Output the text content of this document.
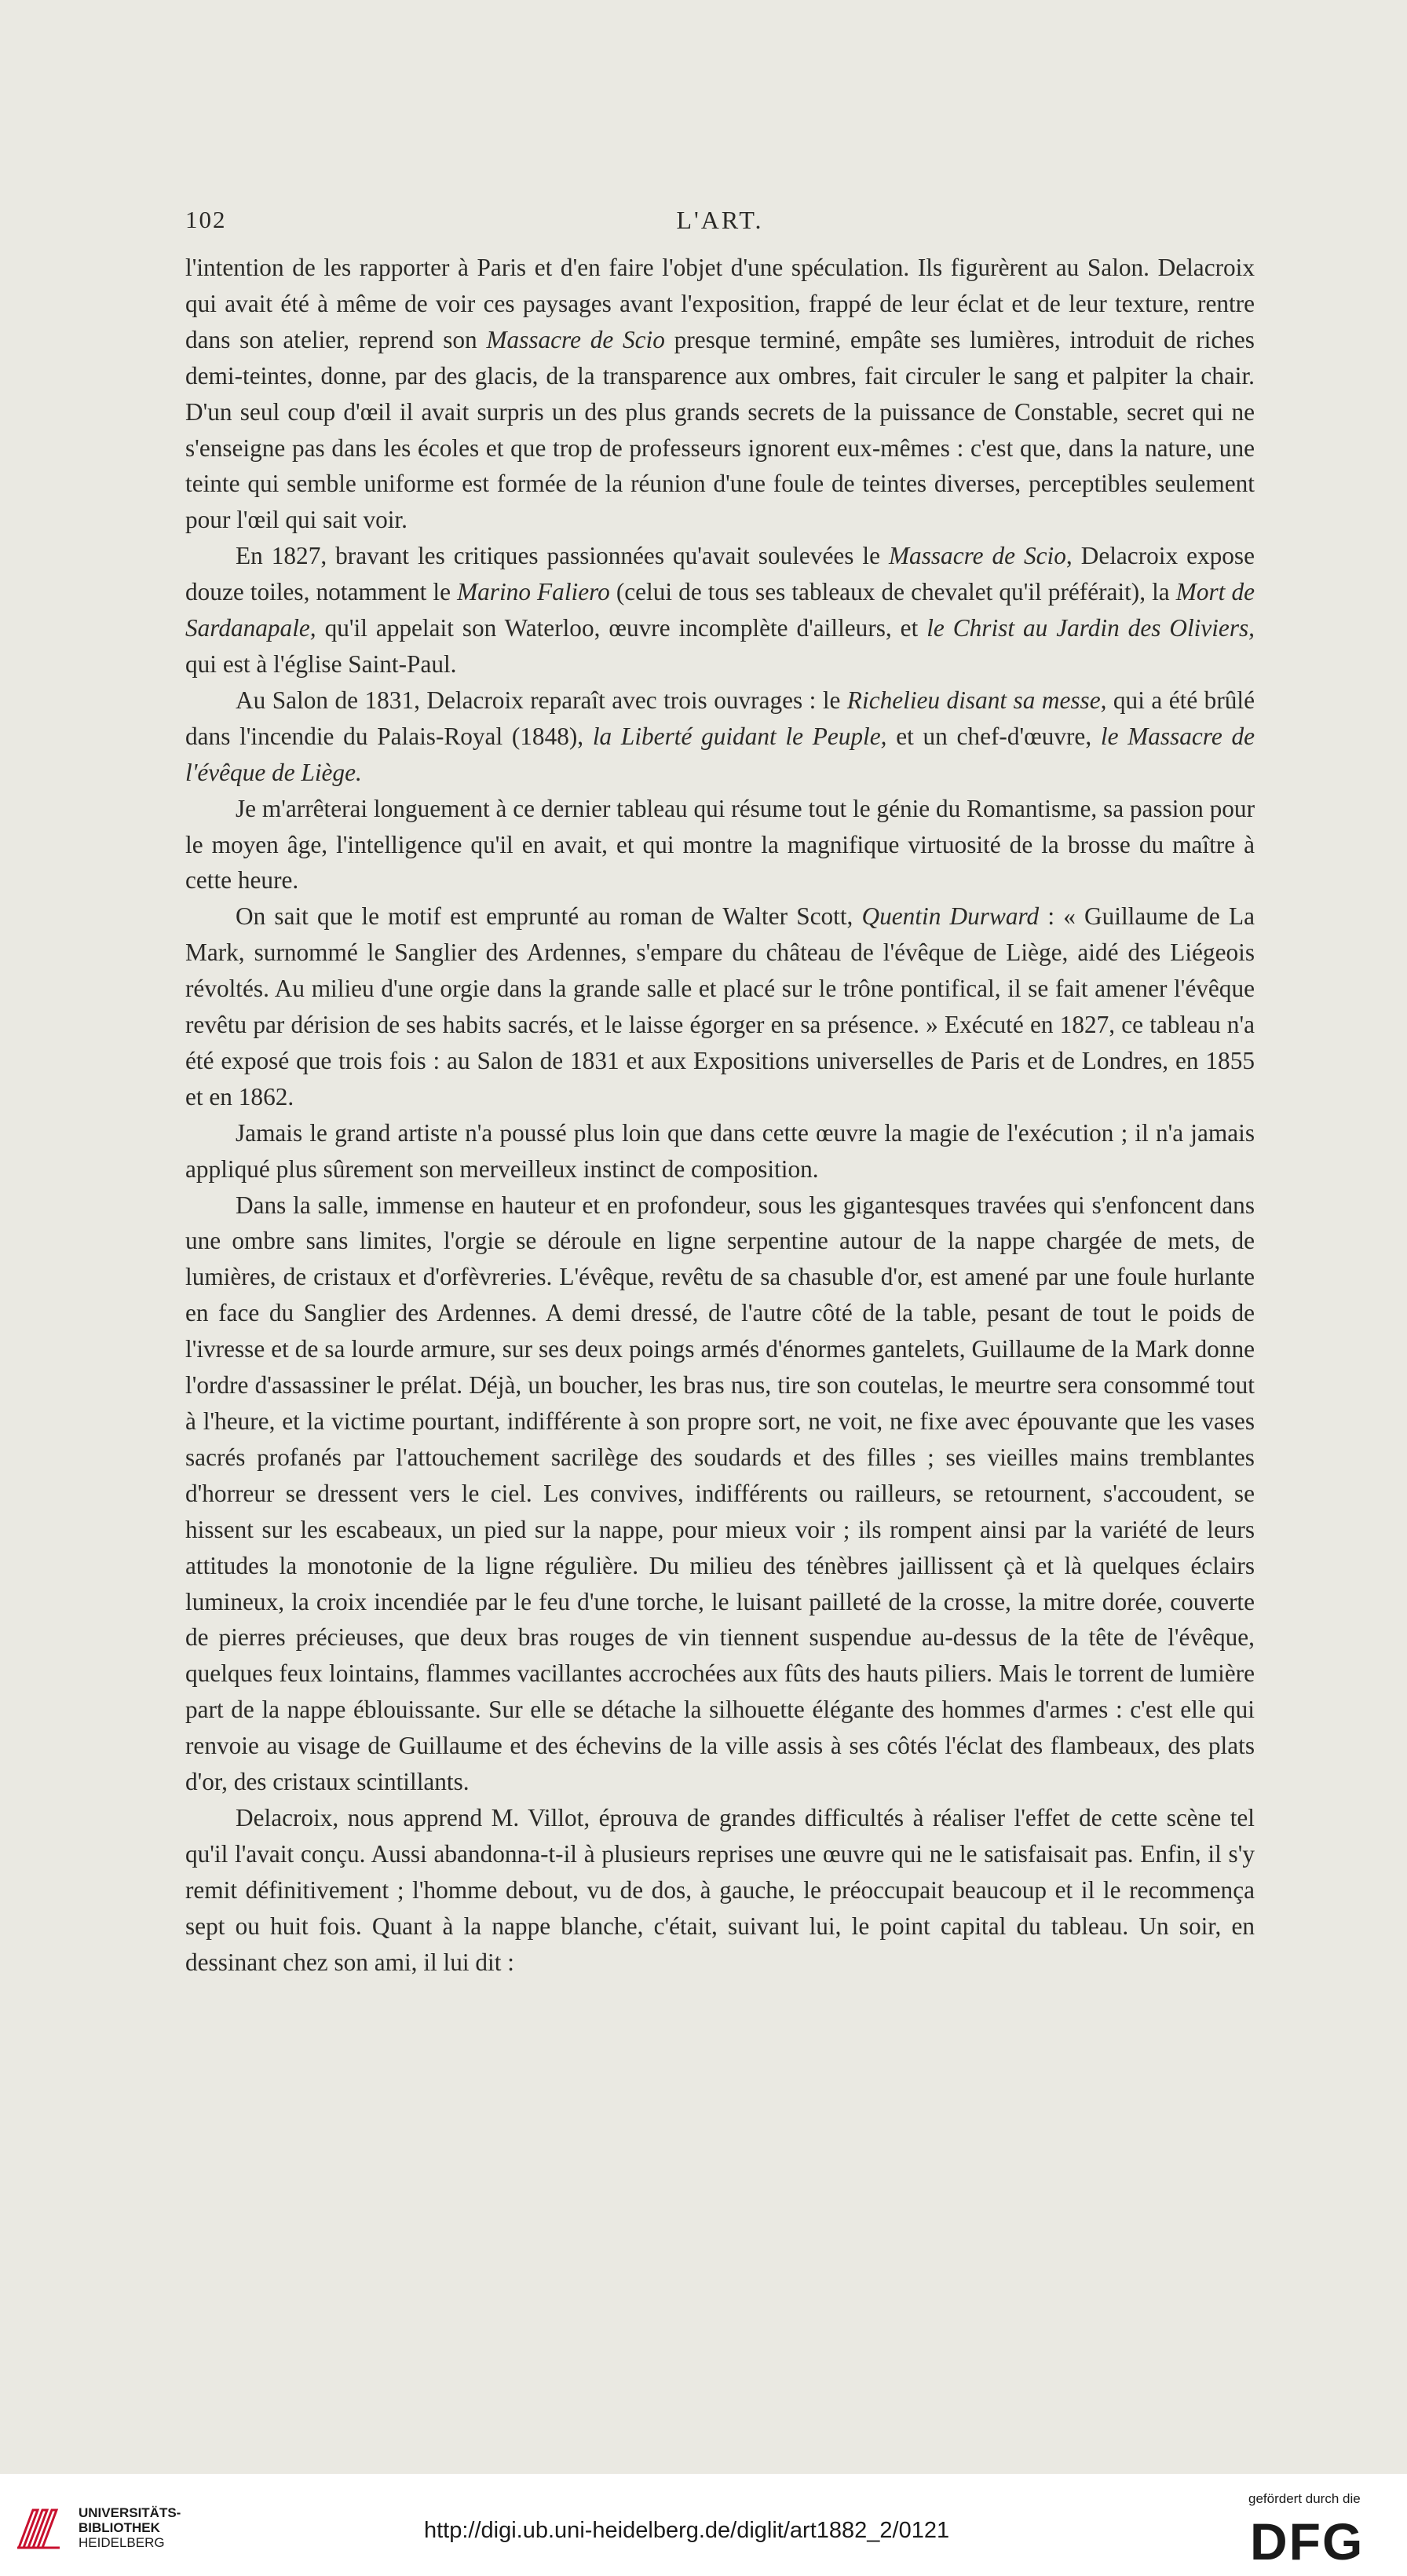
102	L'ART.

l'intention de les rapporter à Paris et d'en faire l'objet d'une spéculation. Ils figurèrent au Salon. Delacroix qui avait été à même de voir ces paysages avant l'exposition, frappé de leur éclat et de leur texture, rentre dans son atelier, reprend son Massacre de Scio presque terminé, empâte ses lumières, introduit de riches demi-teintes, donne, par des glacis, de la transparence aux ombres, fait circuler le sang et palpiter la chair. D'un seul coup d'œil il avait surpris un des plus grands secrets de la puissance de Constable, secret qui ne s'enseigne pas dans les écoles et que trop de professeurs ignorent eux-mêmes : c'est que, dans la nature, une teinte qui semble uniforme est formée de la réunion d'une foule de teintes diverses, perceptibles seulement pour l'œil qui sait voir.

En 1827, bravant les critiques passionnées qu'avait soulevées le Massacre de Scio, Delacroix expose douze toiles, notamment le Marino Faliero (celui de tous ses tableaux de chevalet qu'il préférait), la Mort de Sardanapale, qu'il appelait son Waterloo, œuvre incomplète d'ailleurs, et le Christ au Jardin des Oliviers, qui est à l'église Saint-Paul.

Au Salon de 1831, Delacroix reparaît avec trois ouvrages : le Richelieu disant sa messe, qui a été brûlé dans l'incendie du Palais-Royal (1848), la Liberté guidant le Peuple, et un chef-d'œuvre, le Massacre de l'évêque de Liège.

Je m'arrêterai longuement à ce dernier tableau qui résume tout le génie du Romantisme, sa passion pour le moyen âge, l'intelligence qu'il en avait, et qui montre la magnifique virtuosité de la brosse du maître à cette heure.

On sait que le motif est emprunté au roman de Walter Scott, Quentin Durward : « Guillaume de La Mark, surnommé le Sanglier des Ardennes, s'empare du château de l'évêque de Liège, aidé des Liégeois révoltés. Au milieu d'une orgie dans la grande salle et placé sur le trône pontifical, il se fait amener l'évêque revêtu par dérision de ses habits sacrés, et le laisse égorger en sa présence. » Exécuté en 1827, ce tableau n'a été exposé que trois fois : au Salon de 1831 et aux Expositions universelles de Paris et de Londres, en 1855 et en 1862.

Jamais le grand artiste n'a poussé plus loin que dans cette œuvre la magie de l'exécution ; il n'a jamais appliqué plus sûrement son merveilleux instinct de composition.

Dans la salle, immense en hauteur et en profondeur, sous les gigantesques travées qui s'enfoncent dans une ombre sans limites, l'orgie se déroule en ligne serpentine autour de la nappe chargée de mets, de lumières, de cristaux et d'orfèvreries. L'évêque, revêtu de sa chasuble d'or, est amené par une foule hurlante en face du Sanglier des Ardennes. A demi dressé, de l'autre côté de la table, pesant de tout le poids de l'ivresse et de sa lourde armure, sur ses deux poings armés d'énormes gantelets, Guillaume de la Mark donne l'ordre d'assassiner le prélat. Déjà, un boucher, les bras nus, tire son coutelas, le meurtre sera consommé tout à l'heure, et la victime pourtant, indifférente à son propre sort, ne voit, ne fixe avec épouvante que les vases sacrés profanés par l'attouchement sacrilège des soudards et des filles ; ses vieilles mains tremblantes d'horreur se dressent vers le ciel. Les convives, indifférents ou railleurs, se retournent, s'accoudent, se hissent sur les escabeaux, un pied sur la nappe, pour mieux voir ; ils rompent ainsi par la variété de leurs attitudes la monotonie de la ligne régulière. Du milieu des ténèbres jaillissent çà et là quelques éclairs lumineux, la croix incendiée par le feu d'une torche, le luisant pailleté de la crosse, la mitre dorée, couverte de pierres précieuses, que deux bras rouges de vin tiennent suspendue au-dessus de la tête de l'évêque, quelques feux lointains, flammes vacillantes accrochées aux fûts des hauts piliers. Mais le torrent de lumière part de la nappe éblouissante. Sur elle se détache la silhouette élégante des hommes d'armes : c'est elle qui renvoie au visage de Guillaume et des échevins de la ville assis à ses côtés l'éclat des flambeaux, des plats d'or, des cristaux scintillants.

Delacroix, nous apprend M. Villot, éprouva de grandes difficultés à réaliser l'effet de cette scène tel qu'il l'avait conçu. Aussi abandonna-t-il à plusieurs reprises une œuvre qui ne le satisfaisait pas. Enfin, il s'y remit définitivement ; l'homme debout, vu de dos, à gauche, le préoccupait beaucoup et il le recommença sept ou huit fois. Quant à la nappe blanche, c'était, suivant lui, le point capital du tableau. Un soir, en dessinant chez son ami, il lui dit :

UNIVERSITÄTS-
BIBLIOTHEK
HEIDELBERG	http://digi.ub.uni-heidelberg.de/diglit/art1882_2/0121
gefördert durch die
DFG
